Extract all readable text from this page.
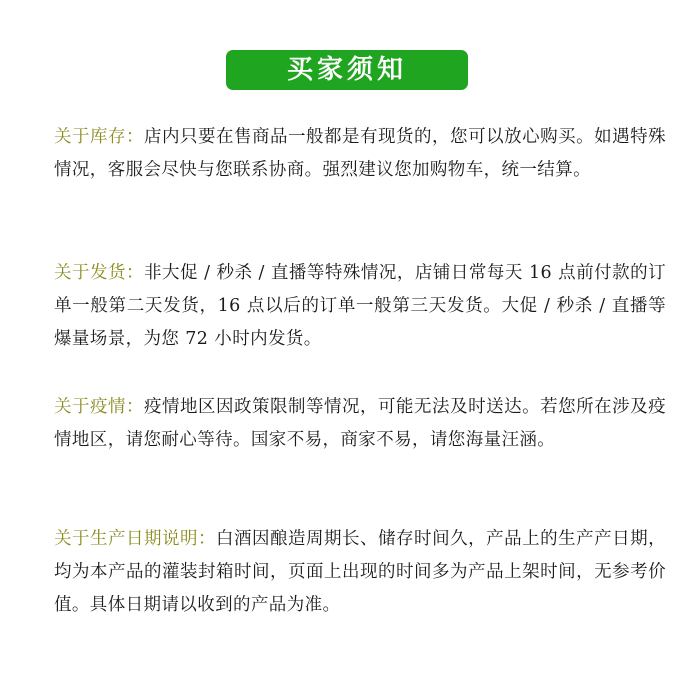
买家须知
关于库存：店内只要在售商品一般都是有现货的，您可以放心购买。如遇特殊情况，客服会尽快与您联系协商。强烈建议您加购物车，统一结算。
关于发货：非大促 / 秒杀 / 直播等特殊情况，店铺日常每天 16 点前付款的订单一般第二天发货，16 点以后的订单一般第三天发货。大促 / 秒杀 / 直播等爆量场景，为您 72 小时内发货。
关于疫情：疫情地区因政策限制等情况，可能无法及时送达。若您所在涉及疫情地区，请您耐心等待。国家不易，商家不易，请您海量汪涵。
关于生产日期说明：白酒因酿造周期长、储存时间久，产品上的生产产日期，均为本产品的灌装封箱时间，页面上出现的时间多为产品上架时间，无参考价值。具体日期请以收到的产品为准。
